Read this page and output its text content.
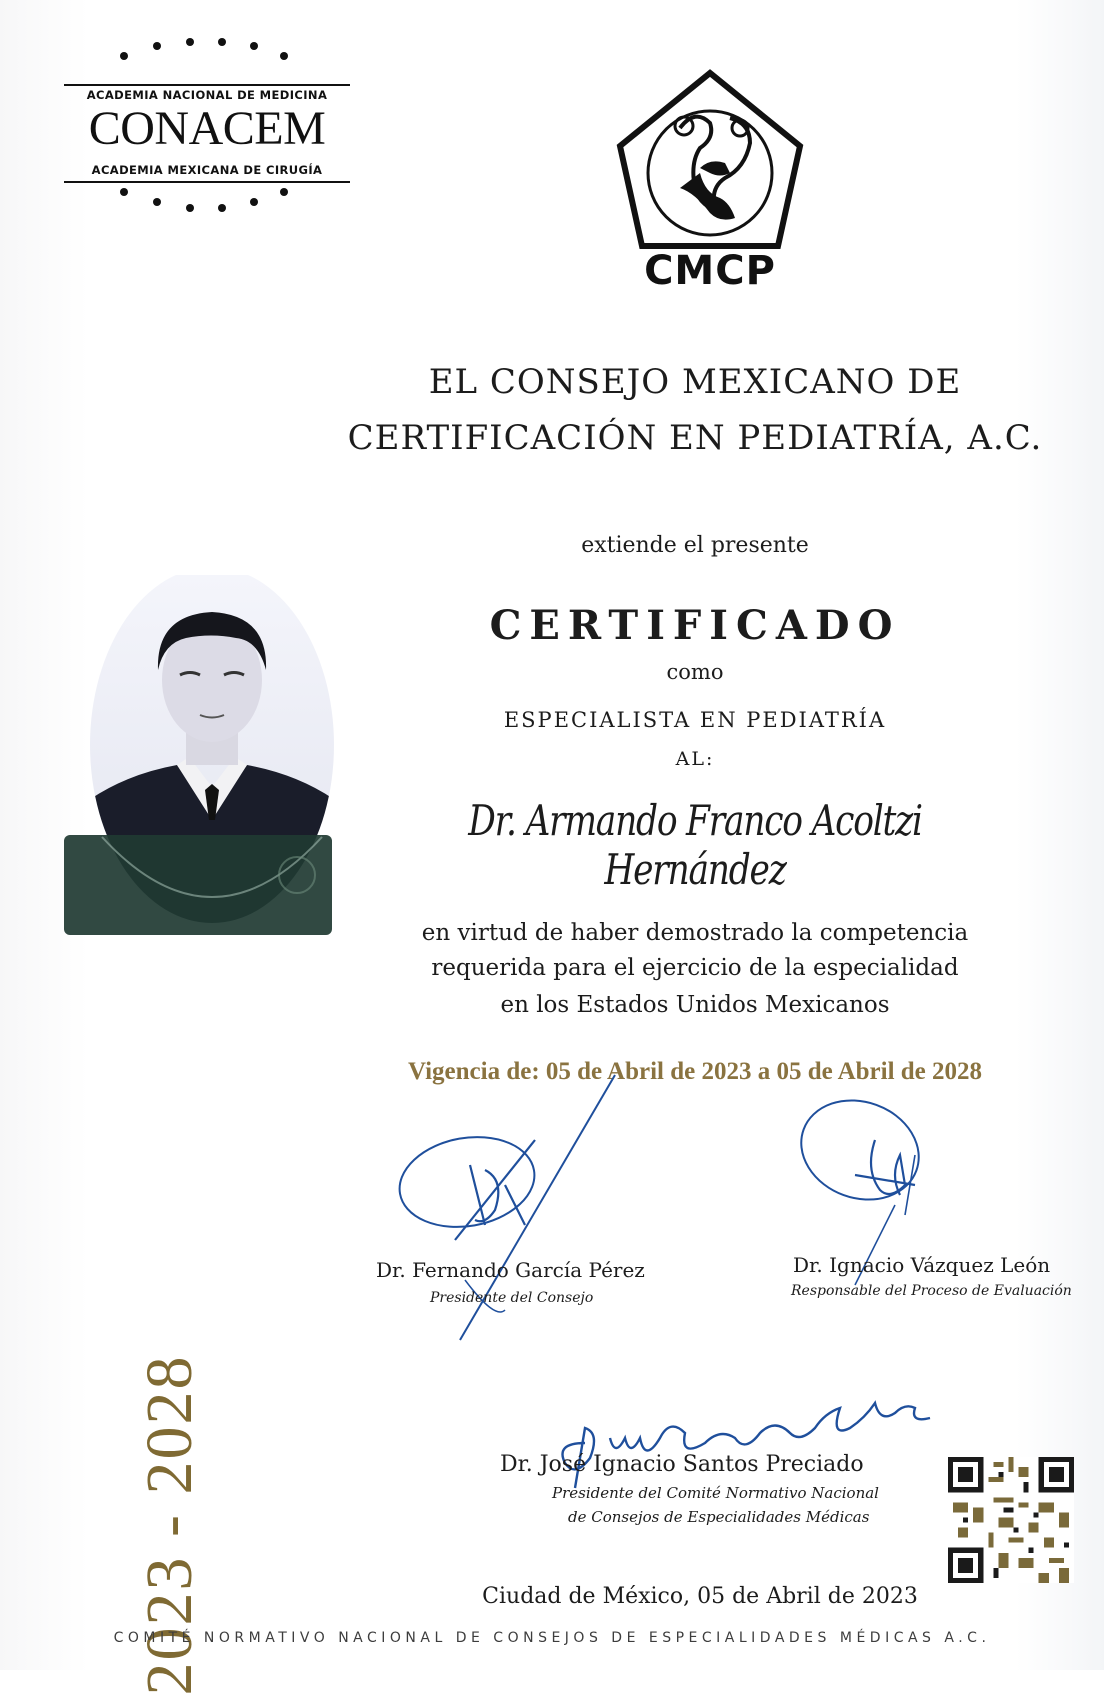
ACADEMIA NACIONAL DE MEDICINA
CONACEM
ACADEMIA MEXICANA DE CIRUGÍA
CMCP
EL CONSEJO MEXICANO DE
CERTIFICACIÓN EN PEDIATRÍA, A.C.
extiende el presente
CERTIFICADO
como
ESPECIALISTA EN PEDIATRÍA
AL:
Dr. Armando Franco Acoltzi Hernández
en virtud de haber demostrado la competencia
requerida para el ejercicio de la especialidad
en los Estados Unidos Mexicanos
Vigencia de: 05 de Abril de 2023 a 05 de Abril de 2028
2023 - 2028
Dr. Fernando García Pérez
Presidente del Consejo
Dr. Ignacio Vázquez León
Responsable del Proceso de Evaluación
Dr. José Ignacio Santos Preciado
Presidente del Comité Normativo Nacional
de Consejos de Especialidades Médicas
Ciudad de México, 05 de Abril de 2023
COMITÉ NORMATIVO NACIONAL DE CONSEJOS DE ESPECIALIDADES MÉDICAS A.C.
